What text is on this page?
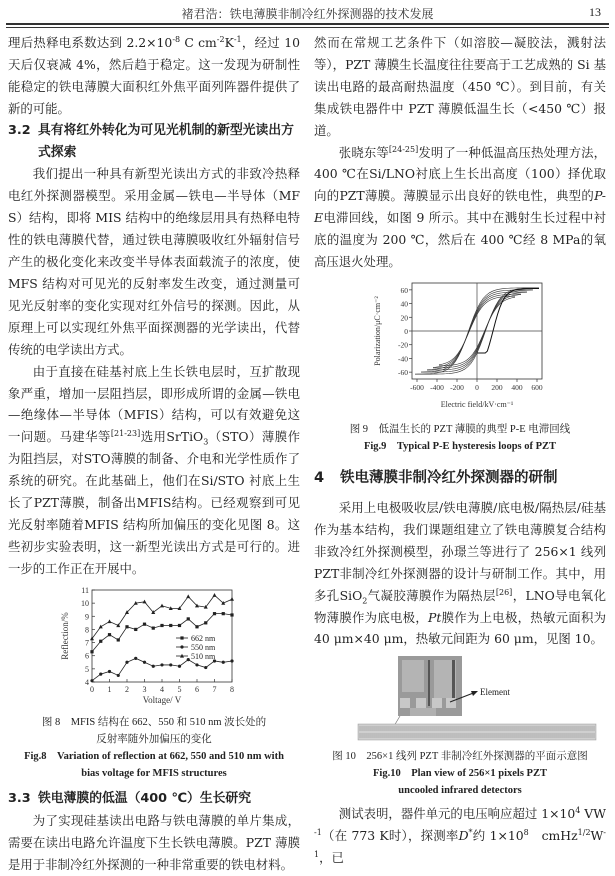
褚君浩：铁电薄膜非制冷红外探测器的技术发展	13

理后热释电系数达到 $2.2\times 10^{-8}$ C $cm^{-2}K^{-1}$，经过 10 天后仅衰减 4%，然后趋于稳定。这一发现为研制性能稳定的铁电薄膜大面积红外焦平面列阵器件提供了新的可能。

3.2 具有将红外转化为可见光机制的新型光读出方式探索

我们提出一种具有新型光读出方式的非致冷热释电红外探测器模型。采用金属—铁电—半导体（MFS）结构，即将 MIS 结构中的绝缘层用具有热释电特性的铁电薄膜代替，通过铁电薄膜吸收红外辐射信号产生的极化变化来改变半导体表面载流子的浓度，使 MFS 结构对可见光的反射率发生改变，通过测量可见光反射率的变化实现对红外信号的探测。因此，从原理上可以实现红外焦平面探测器的光学读出，代替传统的电学读出方式。

由于直接在硅基衬底上生长铁电层时，互扩散现象严重，增加一层阻挡层，即形成所谓的金属—铁电—绝缘体—半导体（MFIS）结构，可以有效避免这一问题。马建华等[21-23]选用SrTiO$_3$（STO）薄膜作为阻挡层，对STO薄膜的制备、介电和光学性质作了系统的研究。在此基础上，他们在Si/STO 衬底上生长了PZT薄膜，制备出MFIS结构。已经观察到可见光反射率随着MFIS 结构所加偏压的变化见图 8。这些初步实验表明，这一新型光读出方式是可行的。进一步的工作正在开展中。

0 1 2 3 4 5 6 7 8
4
5
6
7
8
9
10
11
Voltage/ V
Reflection/%	662 nm
550 nm
510 nm
图 8　MFIS 结构在 662、550 和 510 nm 波长处的
反射率随外加偏压的变化
Fig.8　Variation of reflection at 662, 550 and 510 nm with
bias voltage for MFIS structures
3.3 铁电薄膜的低温（400 ℃）生长研究

为了实现硅基读出电路与铁电薄膜的单片集成，需要在读出电路允许温度下生长铁电薄膜。PZT 薄膜是用于非制冷红外探测的一种非常重要的铁电材料。

然而在常规工艺条件下（如溶胶—凝胶法，溅射法等），PZT 薄膜生长温度往往要高于工艺成熟的 Si 基读出电路的最高耐热温度（450 ℃）。到目前，有关集成铁电器件中 PZT 薄膜低温生长（<450 ℃）报道。

张晓东等[24-25]发明了一种低温高压热处理方法，400 ℃在Si/LNO衬底上生长出高度（100）择优取向的PZT薄膜。薄膜显示出良好的铁电性，典型的P-E电滞回线，如图 9 所示。其中在溅射生长过程中衬底的温度为 200 ℃，然后在 400 ℃经 8 MPa的氧高压退火处理。

-600 -400 -200 0 200 400 600
-60
-40
-20
0
20
40
60
Electric field/kV·cm⁻¹
Polarization/μC·cm⁻²
图 9　低温生长的 PZT 薄膜的典型 P-E 电滞回线
Fig.9　Typical P-E hysteresis loops of PZT
4	铁电薄膜非制冷红外探测器的研制

采用上电极吸收层/铁电薄膜/底电极/隔热层/硅基作为基本结构，我们课题组建立了铁电薄膜复合结构非致冷红外探测模型，孙璟兰等进行了 256×1 线列 PZT非制冷红外探测器的设计与研制工作。其中，用多孔SiO$_2$气凝胶薄膜作为隔热层[26]，LNO导电氧化物薄膜作为底电极，Pt膜作为上电极，热敏元面积为 40 μm×40 μm，热敏元间距为 60 μm，见图 10。

Element
图 10　256×1 线列 PZT 非制冷红外探测器的平面示意图
Fig.10　Plan view of 256×1 pixels PZT
uncooled infrared detectors

测试表明，器件单元的电压响应超过 $1\times 10^4$ $VW^{-1}$（在 773 K时），探测率D*约 $1\times 10^8$　$cmHz^{1/2}W^{-1}$，已
